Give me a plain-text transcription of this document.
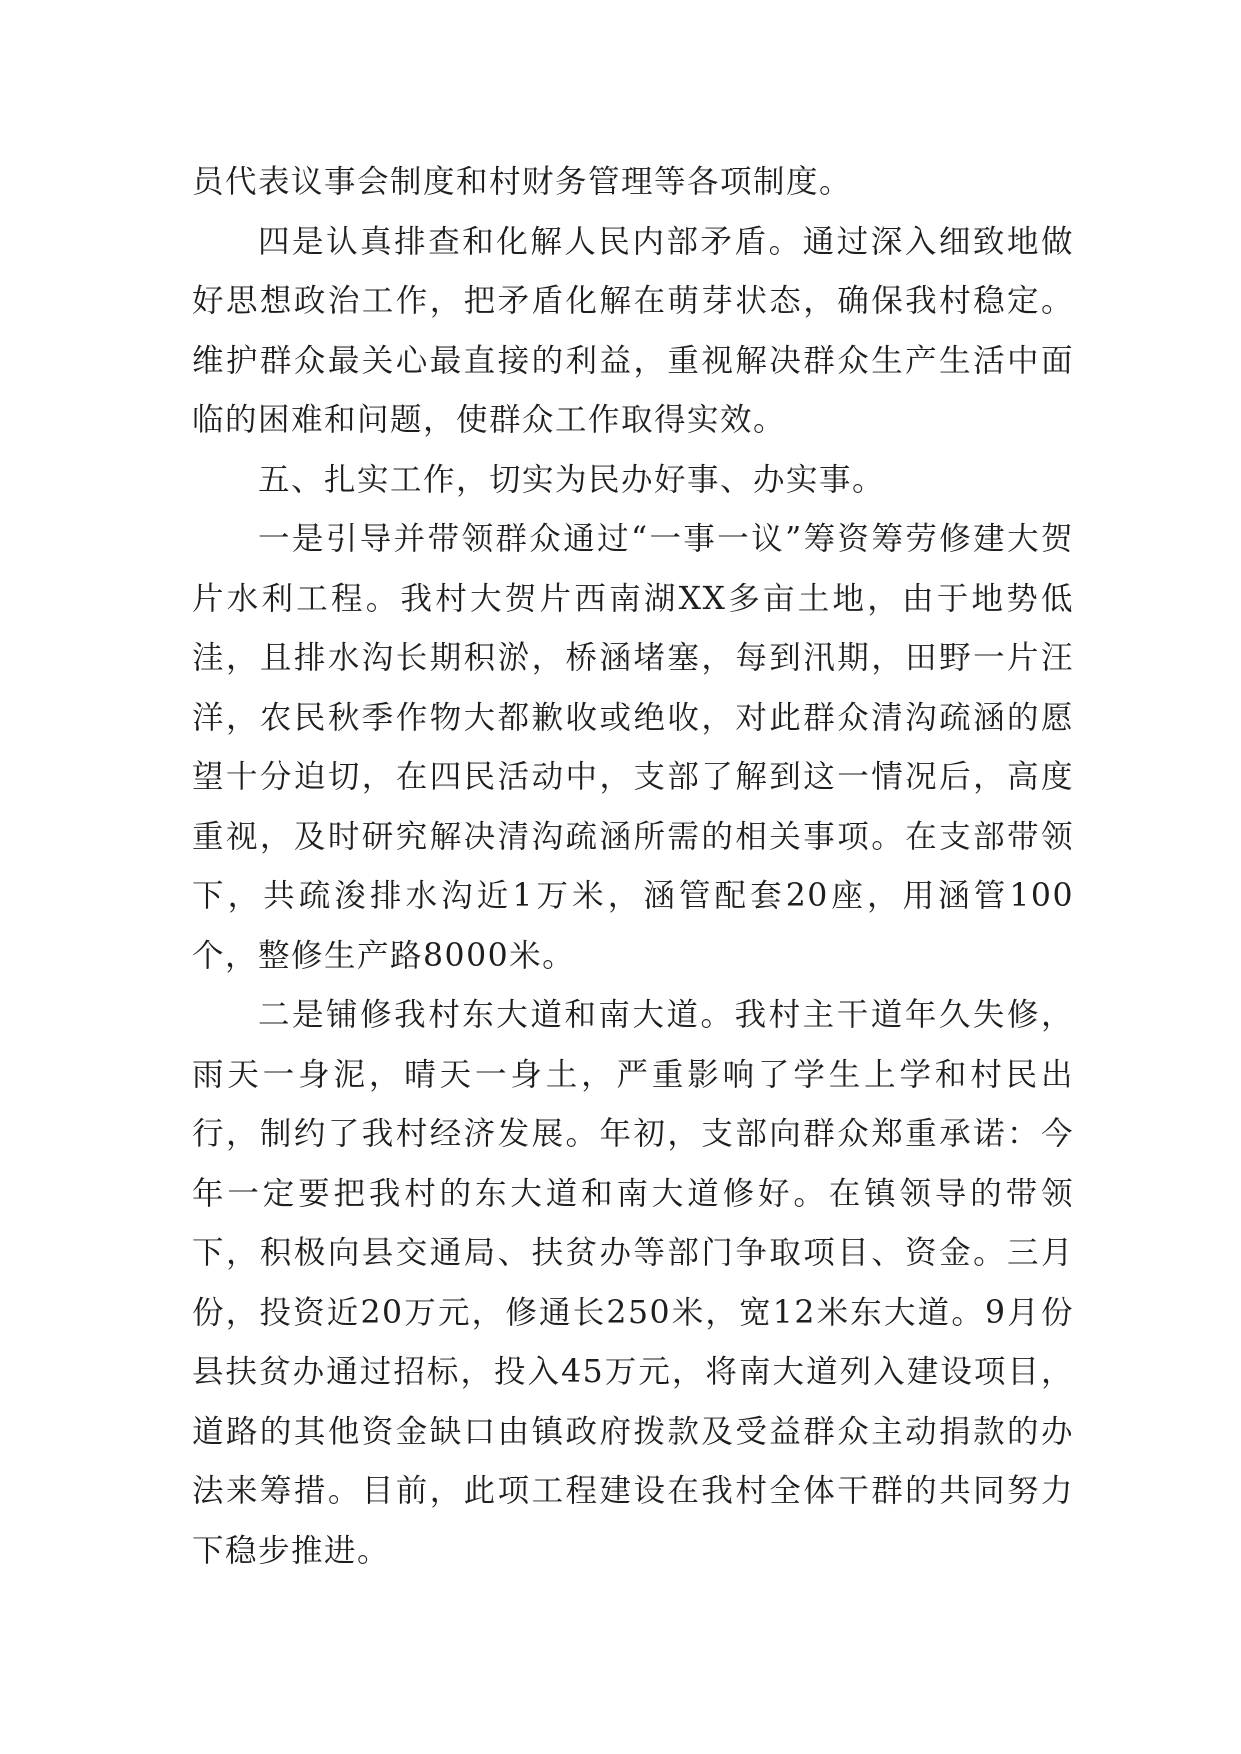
员代表议事会制度和村财务管理等各项制度。

四是认真排查和化解人民内部矛盾。通过深入细致地做好思想政治工作，把矛盾化解在萌芽状态，确保我村稳定。维护群众最关心最直接的利益，重视解决群众生产生活中面临的困难和问题，使群众工作取得实效。

五、扎实工作，切实为民办好事、办实事。

一是引导并带领群众通过“一事一议”筹资筹劳修建大贺片水利工程。我村大贺片西南湖XX多亩土地，由于地势低洼，且排水沟长期积淤，桥涵堵塞，每到汛期，田野一片汪洋，农民秋季作物大都歉收或绝收，对此群众清沟疏涵的愿望十分迫切，在四民活动中，支部了解到这一情况后，高度重视，及时研究解决清沟疏涵所需的相关事项。在支部带领下，共疏浚排水沟近1万米，涵管配套20座，用涵管100个，整修生产路8000米。

二是铺修我村东大道和南大道。我村主干道年久失修，雨天一身泥，晴天一身土，严重影响了学生上学和村民出行，制约了我村经济发展。年初，支部向群众郑重承诺：今年一定要把我村的东大道和南大道修好。在镇领导的带领下，积极向县交通局、扶贫办等部门争取项目、资金。三月份，投资近20万元，修通长250米，宽12米东大道。9月份县扶贫办通过招标，投入45万元，将南大道列入建设项目，道路的其他资金缺口由镇政府拨款及受益群众主动捐款的办法来筹措。目前，此项工程建设在我村全体干群的共同努力下稳步推进。
